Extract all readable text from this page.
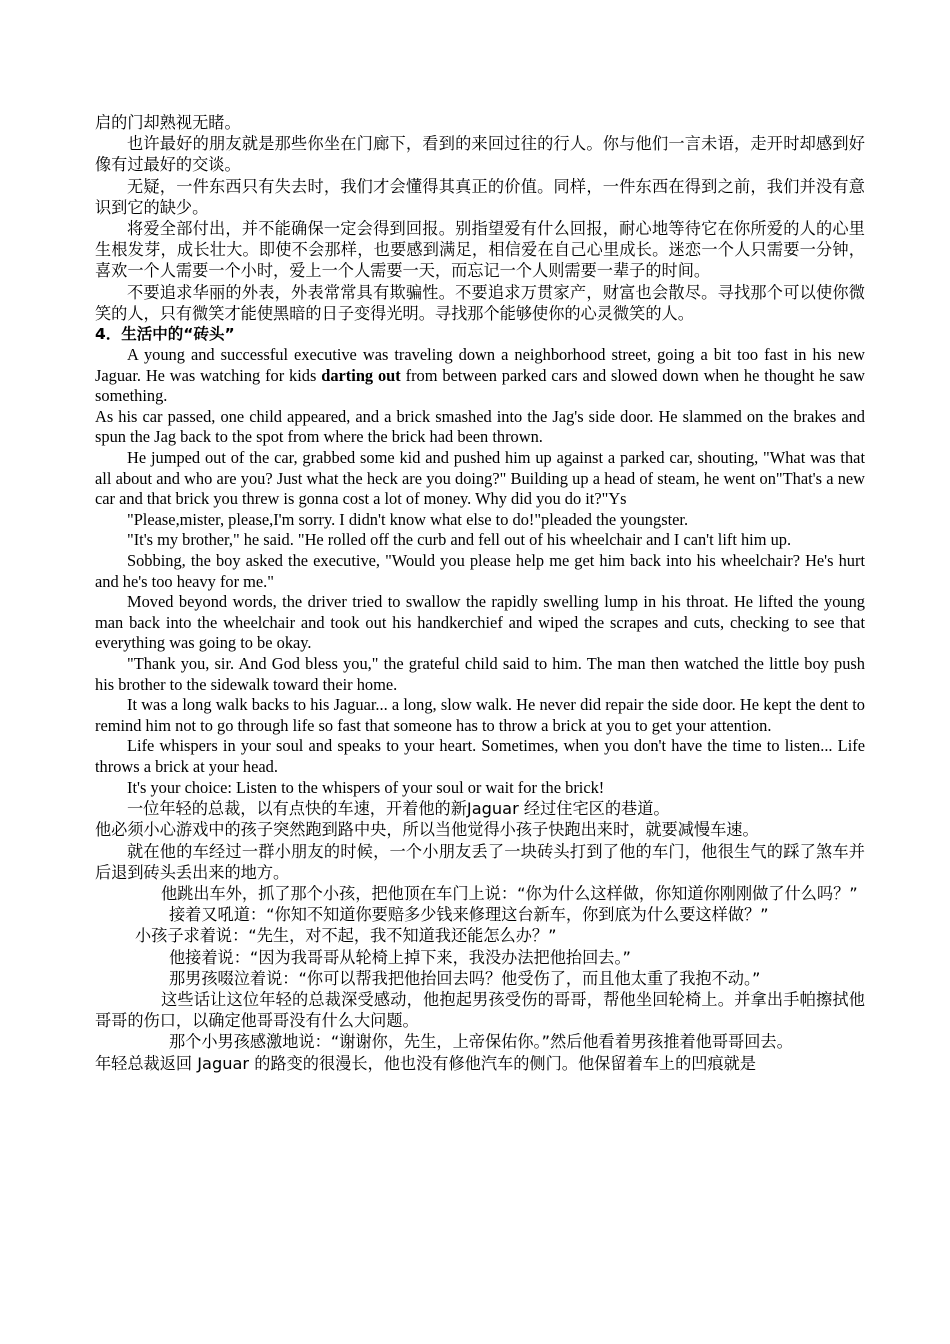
启的门却熟视无睹。

也许最好的朋友就是那些你坐在门廊下，看到的来回过往的行人。你与他们一言未语，走开时却感到好像有过最好的交谈。

无疑，一件东西只有失去时，我们才会懂得其真正的价值。同样，一件东西在得到之前，我们并没有意识到它的缺少。

将爱全部付出，并不能确保一定会得到回报。别指望爱有什么回报，耐心地等待它在你所爱的人的心里生根发芽，成长壮大。即使不会那样，也要感到满足，相信爱在自己心里成长。迷恋一个人只需要一分钟，喜欢一个人需要一个小时，爱上一个人需要一天，而忘记一个人则需要一辈子的时间。

不要追求华丽的外表，外表常常具有欺骗性。不要追求万贯家产，财富也会散尽。寻找那个可以使你微笑的人，只有微笑才能使黑暗的日子变得光明。寻找那个能够使你的心灵微笑的人。

4．生活中的“砖头”

A young and successful executive was traveling down a neighborhood street, going a bit too fast in his new Jaguar. He was watching for kids darting out from between parked cars and slowed down when he thought he saw something.

As his car passed, one child appeared, and a brick smashed into the Jag's side door. He slammed on the brakes and spun the Jag back to the spot from where the brick had been thrown.

He jumped out of the car, grabbed some kid and pushed him up against a parked car, shouting, "What was that all about and who are you? Just what the heck are you doing?" Building up a head of steam, he went on"That's a new car and that brick you threw is gonna cost a lot of money. Why did you do it?"Ys

"Please,mister, please,I'm sorry. I didn't know what else to do!"pleaded the youngster.

"It's my brother," he said. "He rolled off the curb and fell out of his wheelchair and I can't lift him up.

Sobbing, the boy asked the executive, "Would you please help me get him back into his wheelchair? He's hurt and he's too heavy for me."

Moved beyond words, the driver tried to swallow the rapidly swelling lump in his throat. He lifted the young man back into the wheelchair and took out his handkerchief and wiped the scrapes and cuts, checking to see that everything was going to be okay.

"Thank you, sir. And God bless you," the grateful child said to him. The man then watched the little boy push his brother to the sidewalk toward their home.

It was a long walk backs to his Jaguar... a long, slow walk. He never did repair the side door. He kept the dent to remind him not to go through life so fast that someone has to throw a brick at you to get your attention.

Life whispers in your soul and speaks to your heart. Sometimes, when you don't have the time to listen... Life throws a brick at your head.

It's your choice: Listen to the whispers of your soul or wait for the brick!

一位年轻的总裁，以有点快的车速，开着他的新Jaguar 经过住宅区的巷道。

他必须小心游戏中的孩子突然跑到路中央，所以当他觉得小孩子快跑出来时，就要减慢车速。

就在他的车经过一群小朋友的时候，一个小朋友丢了一块砖头打到了他的车门，他很生气的踩了煞车并后退到砖头丢出来的地方。

他跳出车外，抓了那个小孩，把他顶在车门上说：“你为什么这样做，你知道你刚刚做了什么吗？”

接着又吼道：“你知不知道你要赔多少钱来修理这台新车，你到底为什么要这样做？”

小孩子求着说：“先生，对不起，我不知道我还能怎么办？”

他接着说：“因为我哥哥从轮椅上掉下来，我没办法把他抬回去。”

那男孩啜泣着说：“你可以帮我把他抬回去吗？他受伤了，而且他太重了我抱不动。”

这些话让这位年轻的总裁深受感动，他抱起男孩受伤的哥哥，帮他坐回轮椅上。并拿出手帕擦拭他哥哥的伤口，以确定他哥哥没有什么大问题。

那个小男孩感激地说：“谢谢你，先生，上帝保佑你。”然后他看着男孩推着他哥哥回去。

年轻总裁返回 Jaguar 的路变的很漫长，他也没有修他汽车的侧门。他保留着车上的凹痕就是
